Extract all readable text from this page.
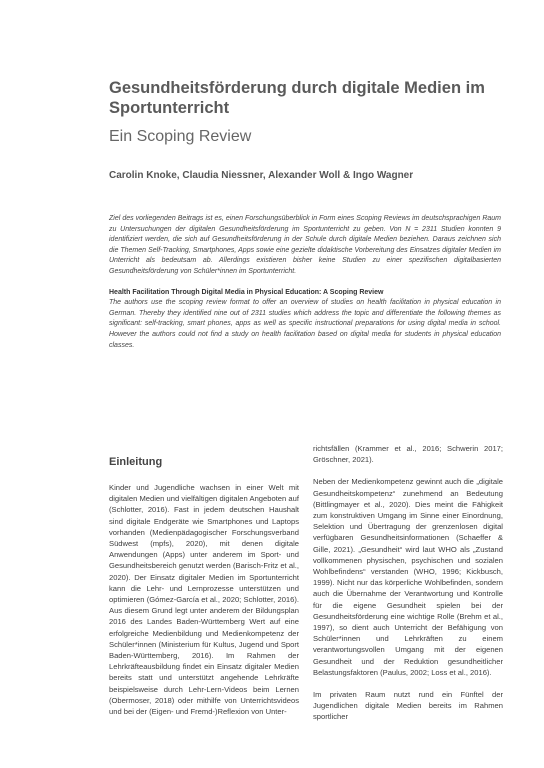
Gesundheitsförderung durch digitale Medien im Sportunterricht
Ein Scoping Review
Carolin Knoke, Claudia Niessner, Alexander Woll & Ingo Wagner

Ziel des vorliegenden Beitrags ist es, einen Forschungsüberblick in Form eines Scoping Reviews im deutschsprachigen Raum zu Untersuchungen der digitalen Gesundheitsförderung im Sportunterricht zu geben. Von N = 2311 Studien konnten 9 identifiziert werden, die sich auf Gesundheitsförderung in der Schule durch digitale Medien beziehen. Daraus zeichnen sich die Themen Self-Tracking, Smartphones, Apps sowie eine gezielte didaktische Vorbereitung des Einsatzes digitaler Medien im Unterricht als bedeutsam ab. Allerdings existieren bisher keine Studien zu einer spezifischen digitalbasierten Gesundheitsförderung von Schüler*innen im Sportunterricht.

Health Facilitation Through Digital Media in Physical Education: A Scoping Review

The authors use the scoping review format to offer an overview of studies on health facilitation in physical education in German. Thereby they identified nine out of 2311 studies which address the topic and differentiate the following themes as significant: self-tracking, smart phones, apps as well as specific instructional preparations for using digital media in school. However the authors could not find a study on health facilitation based on digital media for students in physical education classes.

Einleitung

Kinder und Jugendliche wachsen in einer Welt mit digitalen Medien und vielfältigen digitalen Angeboten auf (Schlotter, 2016). Fast in jedem deutschen Haushalt sind digitale Endgeräte wie Smartphones und Laptops vorhanden (Medienpädagogischer Forschungsverband Südwest (mpfs), 2020), mit denen digitale Anwendungen (Apps) unter anderem im Sport- und Gesundheitsbereich genutzt werden (Barisch-Fritz et al., 2020). Der Einsatz digitaler Medien im Sportunterricht kann die Lehr- und Lernprozesse unterstützen und optimieren (Gómez-García et al., 2020; Schlotter, 2016). Aus diesem Grund legt unter anderem der Bildungsplan 2016 des Landes Baden-Württemberg Wert auf eine erfolgreiche Medienbildung und Medienkompetenz der Schüler*innen (Ministerium für Kultus, Jugend und Sport Baden-Württemberg, 2016). Im Rahmen der Lehrkräfteausbildung findet ein Einsatz digitaler Medien bereits statt und unterstützt angehende Lehrkräfte beispielsweise durch Lehr-Lern-Videos beim Lernen (Obermoser, 2018) oder mithilfe von Unterrichtsvideos und bei der (Eigen- und Fremd-)Reflexion von Unter-

richtsfällen (Krammer et al., 2016; Schwerin 2017; Gröschner, 2021).

Neben der Medienkompetenz gewinnt auch die „digitale Gesundheitskompetenz“ zunehmend an Bedeutung (Bittlingmayer et al., 2020). Dies meint die Fähigkeit zum konstruktiven Umgang im Sinne einer Einordnung, Selektion und Übertragung der grenzenlosen digital verfügbaren Gesundheitsinformationen (Schaeffer & Gille, 2021). „Gesundheit“ wird laut WHO als „Zustand vollkommenen physischen, psychischen und sozialen Wohlbefindens“ verstanden (WHO, 1996; Kickbusch, 1999). Nicht nur das körperliche Wohlbefinden, sondern auch die Übernahme der Verantwortung und Kontrolle für die eigene Gesundheit spielen bei der Gesundheitsförderung eine wichtige Rolle (Brehm et al., 1997), so dient auch Unterricht der Befähigung von Schüler*innen und Lehrkräften zu einem verantwortungsvollen Umgang mit der eigenen Gesundheit und der Reduktion gesundheitlicher Belastungsfaktoren (Paulus, 2002; Loss et al., 2016).

Im privaten Raum nutzt rund ein Fünftel der Jugendlichen digitale Medien bereits im Rahmen sportlicher
